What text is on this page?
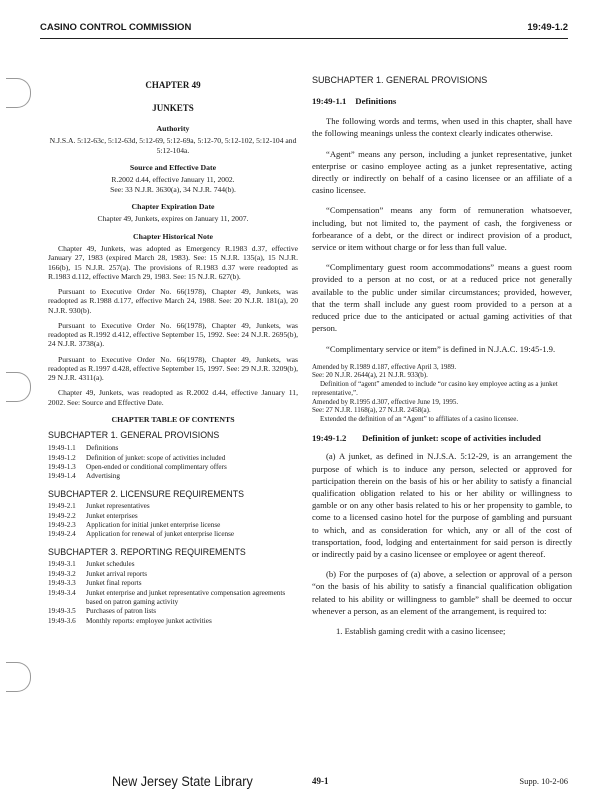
CASINO CONTROL COMMISSION	19:49-1.2

CHAPTER 49

JUNKETS

Authority

N.J.S.A. 5:12-63c, 5:12-63d, 5:12-69, 5:12-69a, 5:12-70, 5:12-102, 5:12-104 and 5:12-104a.

Source and Effective Date

R.2002 d.44, effective January 11, 2002.

See: 33 N.J.R. 3630(a), 34 N.J.R. 744(b).

Chapter Expiration Date

Chapter 49, Junkets, expires on January 11, 2007.

Chapter Historical Note

Chapter 49, Junkets, was adopted as Emergency R.1983 d.37, effective January 27, 1983 (expired March 28, 1983). See: 15 N.J.R. 135(a), 15 N.J.R. 166(b), 15 N.J.R. 257(a). The provisions of R.1983 d.37 were readopted as R.1983 d.112, effective March 29, 1983. See: 15 N.J.R. 627(b).

Pursuant to Executive Order No. 66(1978), Chapter 49, Junkets, was readopted as R.1988 d.177, effective March 24, 1988. See: 20 N.J.R. 181(a), 20 N.J.R. 930(b).

Pursuant to Executive Order No. 66(1978), Chapter 49, Junkets, was readopted as R.1992 d.412, effective September 15, 1992. See: 24 N.J.R. 2695(b), 24 N.J.R. 3738(a).

Pursuant to Executive Order No. 66(1978), Chapter 49, Junkets, was readopted as R.1997 d.428, effective September 15, 1997. See: 29 N.J.R. 3209(b), 29 N.J.R. 4311(a).

Chapter 49, Junkets, was readopted as R.2002 d.44, effective January 11, 2002. See: Source and Effective Date.

CHAPTER TABLE OF CONTENTS

SUBCHAPTER 1. GENERAL PROVISIONS
19:49-1.1	Definitions
19:49-1.2	Definition of junket: scope of activities included
19:49-1.3	Open-ended or conditional complimentary offers
19:49-1.4	Advertising
SUBCHAPTER 2. LICENSURE REQUIREMENTS
19:49-2.1	Junket representatives
19:49-2.2	Junket enterprises
19:49-2.3	Application for initial junket enterprise license
19:49-2.4	Application for renewal of junket enterprise license
SUBCHAPTER 3. REPORTING REQUIREMENTS
19:49-3.1	Junket schedules
19:49-3.2	Junket arrival reports
19:49-3.3	Junket final reports
19:49-3.4	Junket enterprise and junket representative compensation agreements based on patron gaming activity
19:49-3.5	Purchases of patron lists
19:49-3.6	Monthly reports: employee junket activities

SUBCHAPTER 1. GENERAL PROVISIONS

19:49-1.1 Definitions

The following words and terms, when used in this chapter, shall have the following meanings unless the context clearly indicates otherwise.

“Agent” means any person, including a junket representative, junket enterprise or casino employee acting as a junket representative, acting directly or indirectly on behalf of a casino licensee or an affiliate of a casino licensee.

“Compensation” means any form of remuneration whatsoever, including, but not limited to, the payment of cash, the forgiveness or forbearance of a debt, or the direct or indirect provision of a product, service or item without charge or for less than full value.

“Complimentary guest room accommodations” means a guest room provided to a person at no cost, or at a reduced price not generally available to the public under similar circumstances; provided, however, that the term shall include any guest room provided to a person at a reduced price due to the anticipated or actual gaming activities of that person.

“Complimentary service or item” is defined in N.J.A.C. 19:45-1.9.

Amended by R.1989 d.187, effective April 3, 1989.

See: 20 N.J.R. 2644(a), 21 N.J.R. 933(b).

Definition of “agent” amended to include “or casino key employee acting as a junket representative,”.

Amended by R.1995 d.307, effective June 19, 1995.

See: 27 N.J.R. 1168(a), 27 N.J.R. 2458(a).

Extended the definition of an “Agent” to affiliates of a casino licensee.

19:49-1.2	Definition of junket: scope of activities included

(a) A junket, as defined in N.J.S.A. 5:12-29, is an arrangement the purpose of which is to induce any person, selected or approved for participation therein on the basis of his or her ability to satisfy a financial qualification obligation related to his or her ability or willingness to gamble or on any other basis related to his or her propensity to gamble, to come to a licensed casino hotel for the purpose of gambling and pursuant to which, and as consideration for which, any or all of the cost of transportation, food, lodging and entertainment for said person is directly or indirectly paid by a casino licensee or employee or agent thereof.

(b) For the purposes of (a) above, a selection or approval of a person “on the basis of his ability to satisfy a financial qualification obligation related to his ability or willingness to gamble” shall be deemed to occur whenever a person, as an element of the arrangement, is required to:

1. Establish gaming credit with a casino licensee;

New Jersey State Library	49-1	Supp. 10-2-06
